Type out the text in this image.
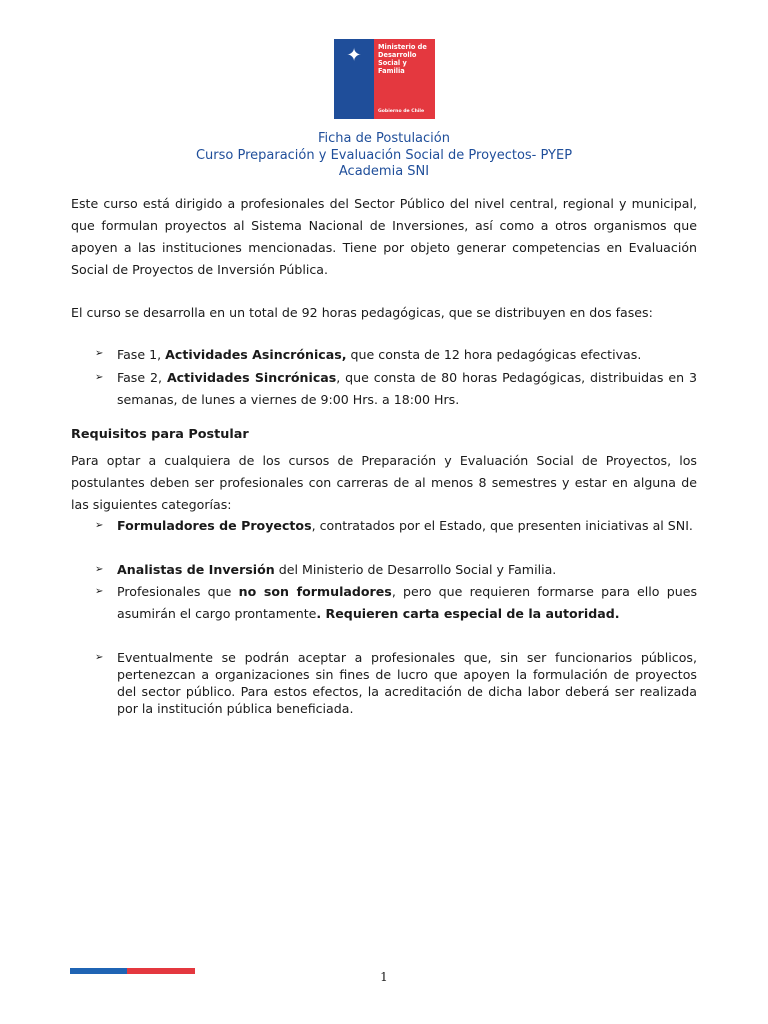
✦	Ministerio de Desarrollo Social y Familia
Gobierno de Chile
Ficha de Postulación
Curso Preparación y Evaluación Social de Proyectos- PYEP
Academia SNI
Este curso está dirigido a profesionales del Sector Público del nivel central, regional y municipal, que formulan proyectos al Sistema Nacional de Inversiones, así como a otros organismos que apoyen a las instituciones mencionadas. Tiene por objeto generar competencias en Evaluación Social de Proyectos de Inversión Pública.
El curso se desarrolla en un total de 92 horas pedagógicas, que se distribuyen en dos fases:
➢ Fase 1, Actividades Asincrónicas, que consta de 12 hora pedagógicas efectivas.
➢ Fase 2, Actividades Sincrónicas, que consta de 80 horas Pedagógicas, distribuidas en 3 semanas, de lunes a viernes de 9:00 Hrs. a 18:00 Hrs.
Requisitos para Postular
Para optar a cualquiera de los cursos de Preparación y Evaluación Social de Proyectos, los postulantes deben ser profesionales con carreras de al menos 8 semestres y estar en alguna de las siguientes categorías:
➢ Formuladores de Proyectos, contratados por el Estado, que presenten iniciativas al SNI.
➢ Analistas de Inversión del Ministerio de Desarrollo Social y Familia.
➢ Profesionales que no son formuladores, pero que requieren formarse para ello pues asumirán el cargo prontamente. Requieren carta especial de la autoridad.
➢ Eventualmente se podrán aceptar a profesionales que, sin ser funcionarios públicos, pertenezcan a organizaciones sin fines de lucro que apoyen la formulación de proyectos del sector público. Para estos efectos, la acreditación de dicha labor deberá ser realizada por la institución pública beneficiada.
1
